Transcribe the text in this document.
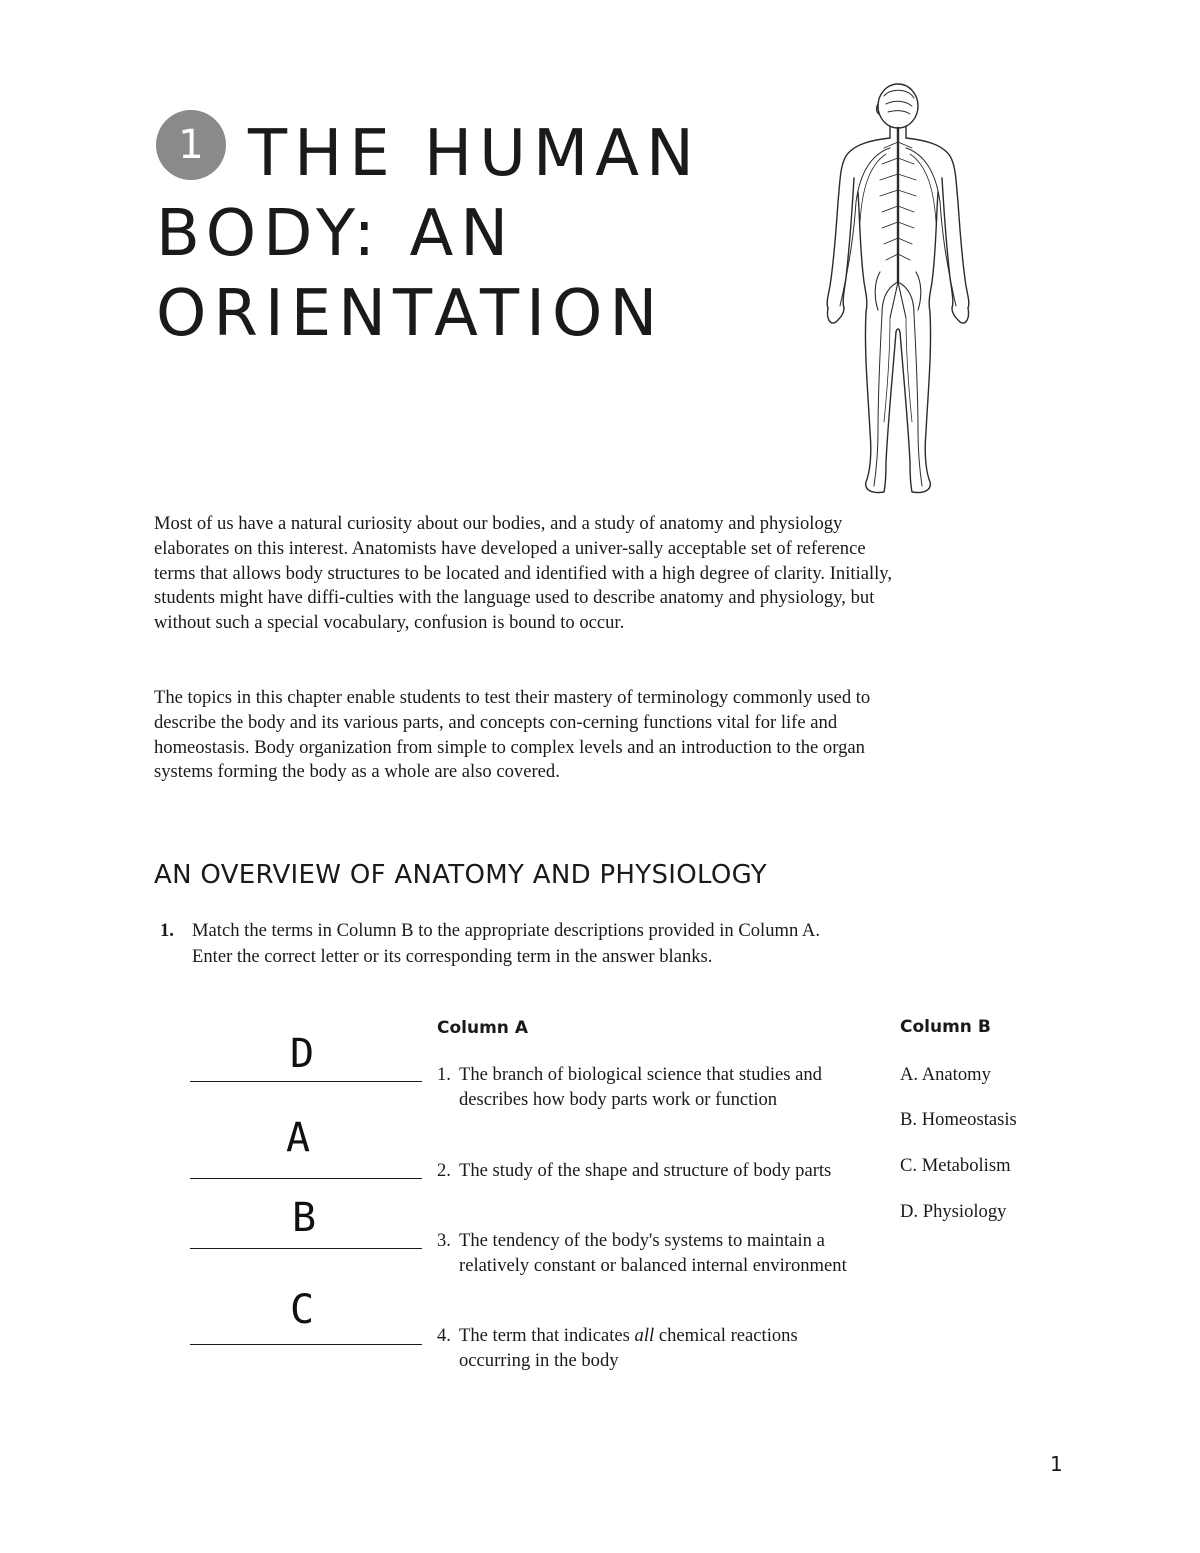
1 THE HUMAN BODY: AN ORIENTATION

Most of us have a natural curiosity about our bodies, and a study of anatomy and physiology elaborates on this interest. Anatomists have developed a univer-sally acceptable set of reference terms that allows body structures to be located and identified with a high degree of clarity. Initially, students might have diffi-culties with the language used to describe anatomy and physiology, but without such a special vocabulary, confusion is bound to occur.

The topics in this chapter enable students to test their mastery of terminology commonly used to describe the body and its various parts, and concepts con-cerning functions vital for life and homeostasis. Body organization from simple to complex levels and an introduction to the organ systems forming the body as a whole are also covered.

AN OVERVIEW OF ANATOMY AND PHYSIOLOGY
1. Match the terms in Column B to the appropriate descriptions provided in Column A. Enter the correct letter or its corresponding term in the answer blanks.

Column A	Column B
D
A
B
C

1. The branch of biological science that studies and describes how body parts work or function

2. The study of the shape and structure of body parts

3. The tendency of the body's systems to maintain a relatively constant or balanced internal environment

4. The term that indicates all chemical reactions occurring in the body

A. Anatomy
B. Homeostasis
C. Metabolism
D. Physiology
1
